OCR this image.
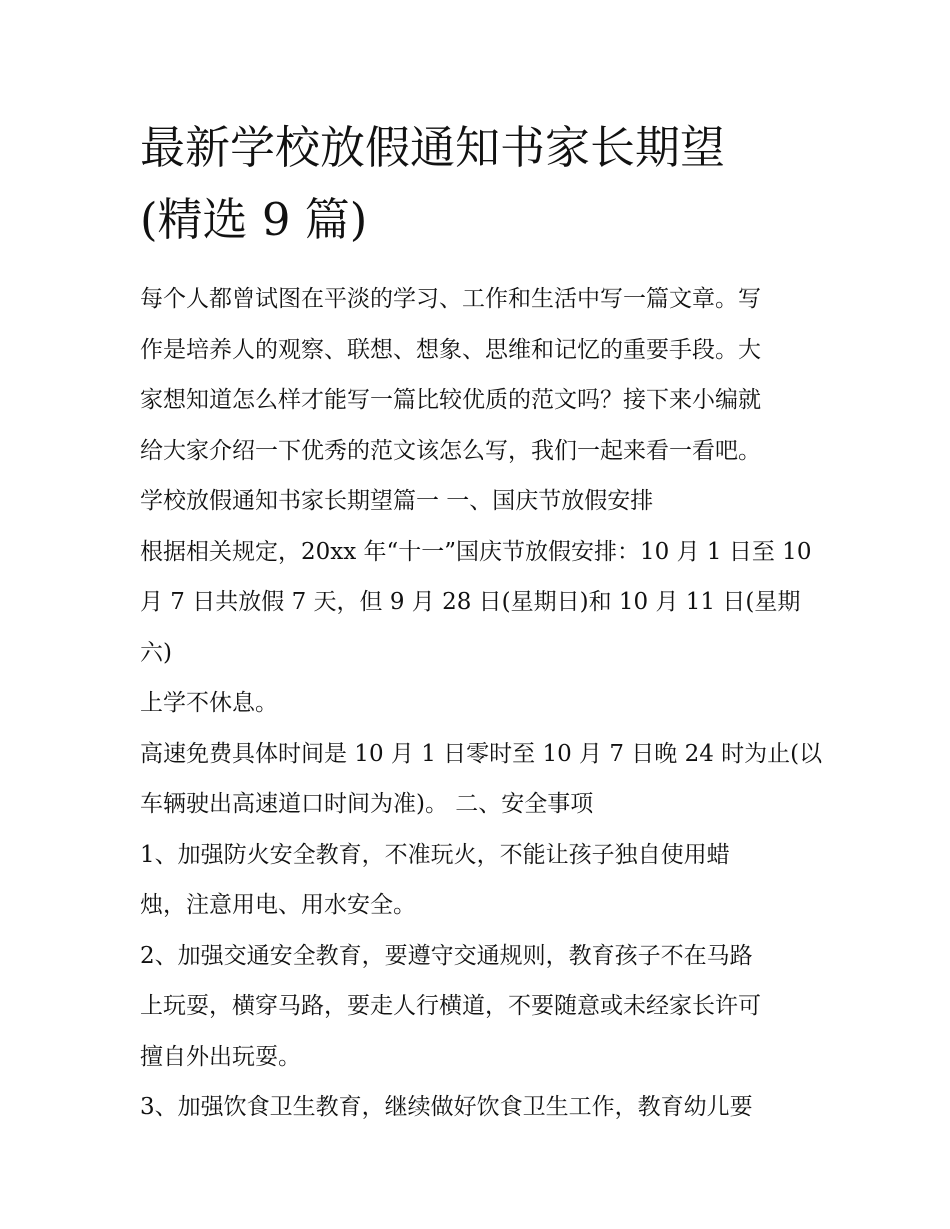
最新学校放假通知书家长期望
(精选 9 篇)

每个人都曾试图在平淡的学习、工作和生活中写一篇文章。写
作是培养人的观察、联想、想象、思维和记忆的重要手段。大
家想知道怎么样才能写一篇比较优质的范文吗？接下来小编就
给大家介绍一下优秀的范文该怎么写，我们一起来看一看吧。

学校放假通知书家长期望篇一 一、国庆节放假安排

根据相关规定，20xx 年“十一”国庆节放假安排：10 月 1 日至 10
月 7 日共放假 7 天，但 9 月 28 日(星期日)和 10 月 11 日(星期六)
上学不休息。

高速免费具体时间是 10 月 1 日零时至 10 月 7 日晚 24 时为止(以
车辆驶出高速道口时间为准)。 二、安全事项

1、加强防火安全教育，不准玩火，不能让孩子独自使用蜡
烛，注意用电、用水安全。

2、加强交通安全教育，要遵守交通规则，教育孩子不在马路
上玩耍，横穿马路，要走人行横道，不要随意或未经家长许可
擅自外出玩耍。

3、加强饮食卫生教育，继续做好饮食卫生工作，教育幼儿要
